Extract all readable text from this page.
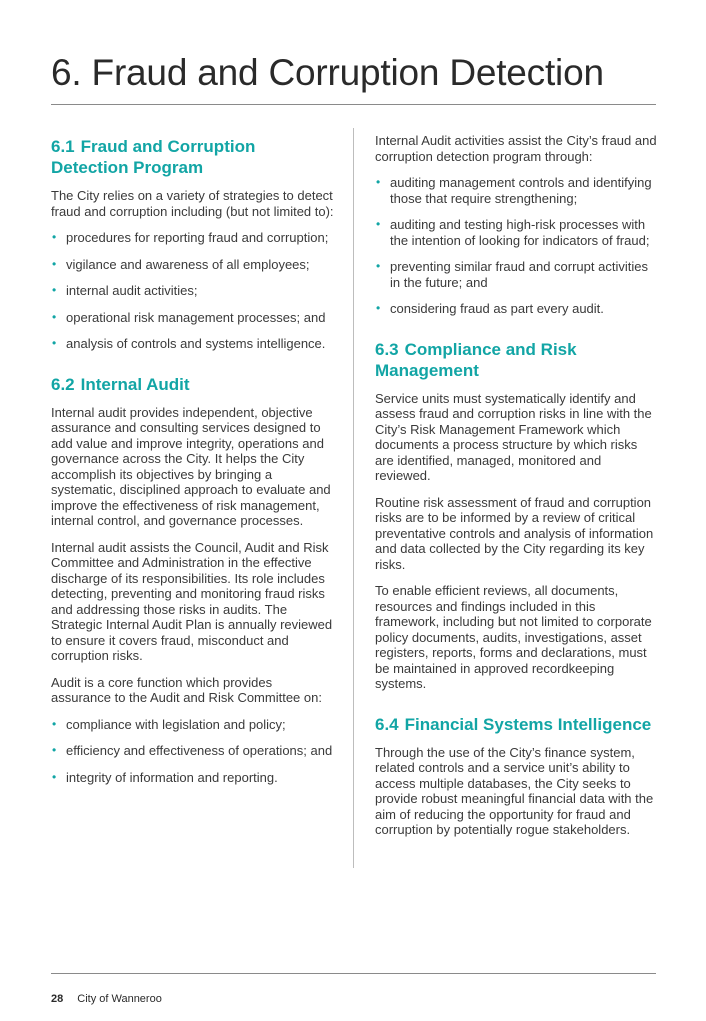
6. Fraud and Corruption Detection
6.1 Fraud and Corruption Detection Program

The City relies on a variety of strategies to detect fraud and corruption including (but not limited to):

• procedures for reporting fraud and corruption;
• vigilance and awareness of all employees;
• internal audit activities;
• operational risk management processes; and
• analysis of controls and systems intelligence.
6.2 Internal Audit

Internal audit provides independent, objective assurance and consulting services designed to add value and improve integrity, operations and governance across the City. It helps the City accomplish its objectives by bringing a systematic, disciplined approach to evaluate and improve the effectiveness of risk management, internal control, and governance processes.

Internal audit assists the Council, Audit and Risk Committee and Administration in the effective discharge of its responsibilities. Its role includes detecting, preventing and monitoring fraud risks and addressing those risks in audits. The Strategic Internal Audit Plan is annually reviewed to ensure it covers fraud, misconduct and corruption risks.

Audit is a core function which provides assurance to the Audit and Risk Committee on:

• compliance with legislation and policy;
• efficiency and effectiveness of operations; and
• integrity of information and reporting.

Internal Audit activities assist the City’s fraud and corruption detection program through:

• auditing management controls and identifying those that require strengthening;
• auditing and testing high-risk processes with the intention of looking for indicators of fraud;
• preventing similar fraud and corrupt activities in the future; and
• considering fraud as part every audit.
6.3 Compliance and Risk Management

Service units must systematically identify and assess fraud and corruption risks in line with the City’s Risk Management Framework which documents a process structure by which risks are identified, managed, monitored and reviewed.

Routine risk assessment of fraud and corruption risks are to be informed by a review of critical preventative controls and analysis of information and data collected by the City regarding its key risks.

To enable efficient reviews, all documents, resources and findings included in this framework, including but not limited to corporate policy documents, audits, investigations, asset registers, reports, forms and declarations, must be maintained in approved recordkeeping systems.

6.4 Financial Systems Intelligence

Through the use of the City’s finance system, related controls and a service unit’s ability to access multiple databases, the City seeks to provide robust meaningful financial data with the aim of reducing the opportunity for fraud and corruption by potentially rogue stakeholders.

28 City of Wanneroo
